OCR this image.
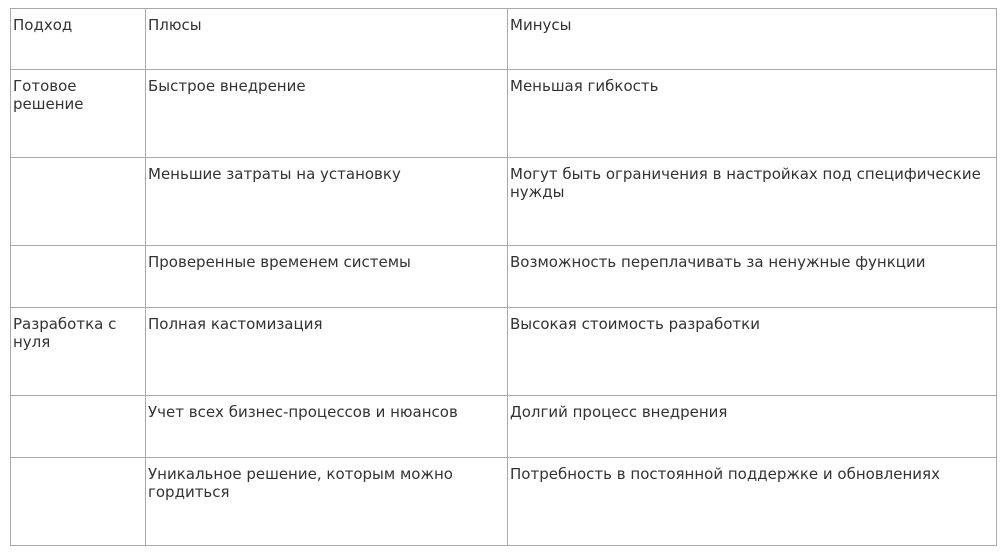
Подход	Плюсы	Минусы
Готовое решение	Быстрое внедрение	Меньшая гибкость
	Меньшие затраты на установку	Могут быть ограничения в настройках под специфические нужды
	Проверенные временем системы	Возможность переплачивать за ненужные функции
Разработка с нуля	Полная кастомизация	Высокая стоимость разработки
	Учет всех бизнес-процессов и нюансов	Долгий процесс внедрения
	Уникальное решение, которым можно гордиться	Потребность в постоянной поддержке и обновлениях
